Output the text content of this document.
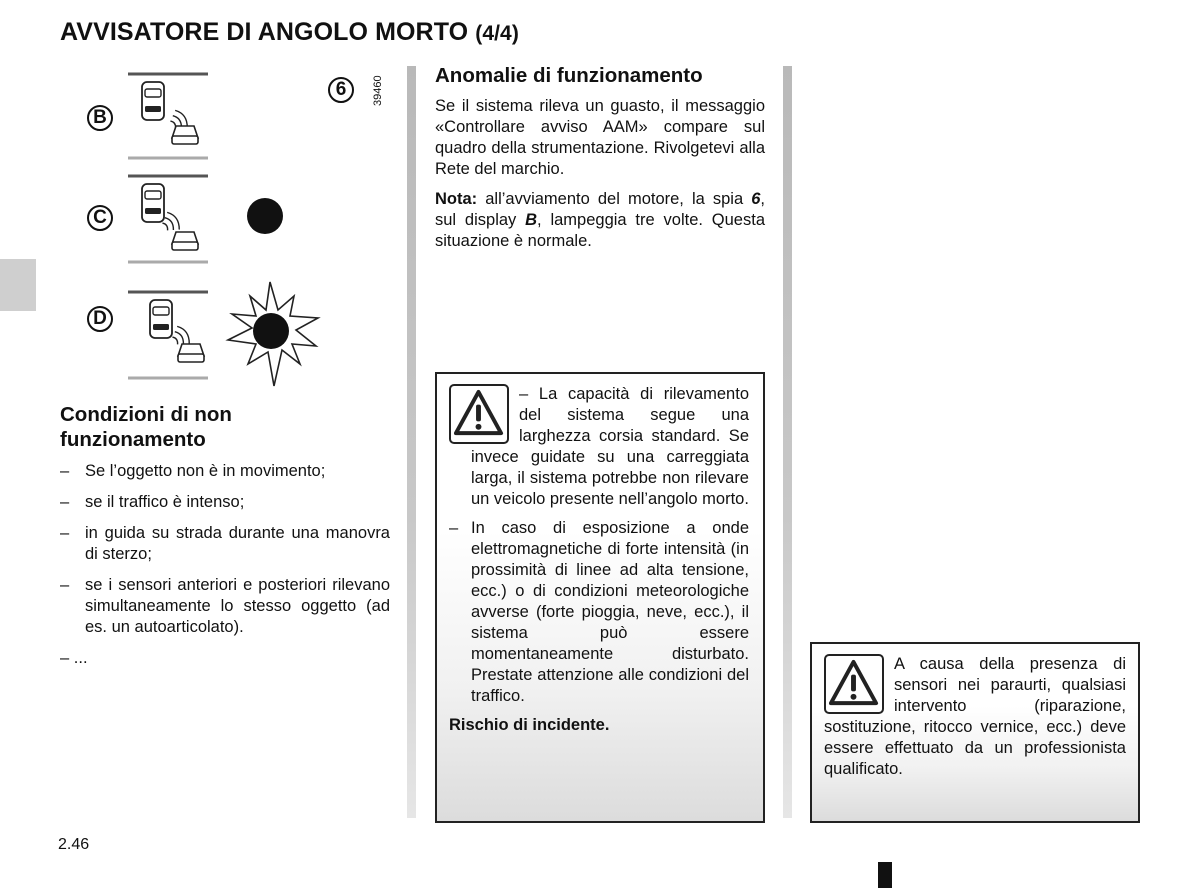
AVVISATORE DI ANGOLO MORTO (4/4)
B
C
D
6	39460
Condizioni di non funzionamento
– Se l’oggetto non è in movimento;
– se il traffico è intenso;
– in guida su strada durante una manovra di sterzo;
– se i sensori anteriori e posteriori rilevano simultaneamente lo stesso oggetto (ad es. un autoarticolato).
– ...
Anomalie di funzionamento
Se il sistema rileva un guasto, il messaggio «Controllare avviso AAM» compare sul quadro della strumentazione. Rivolgetevi alla Rete del marchio.
Nota: all’avviamento del motore, la spia 6, sul display B, lampeggia tre volte. Questa situazione è normale.
– La capacità di rilevamento del sistema segue una larghezza corsia standard. Se invece guidate su una carreggiata larga, il sistema potrebbe non rilevare un veicolo presente nell’angolo morto.
– In caso di esposizione a onde elettromagnetiche di forte intensità (in prossimità di linee ad alta tensione, ecc.) o di condizioni meteorologiche avverse (forte pioggia, neve, ecc.), il sistema può essere momentaneamente disturbato. Prestate attenzione alle condizioni del traffico.
Rischio di incidente.
A causa della presenza di sensori nei paraurti, qualsiasi intervento (riparazione, sostituzione, ritocco vernice, ecc.) deve essere effettuato da un professionista qualificato.
2.46
